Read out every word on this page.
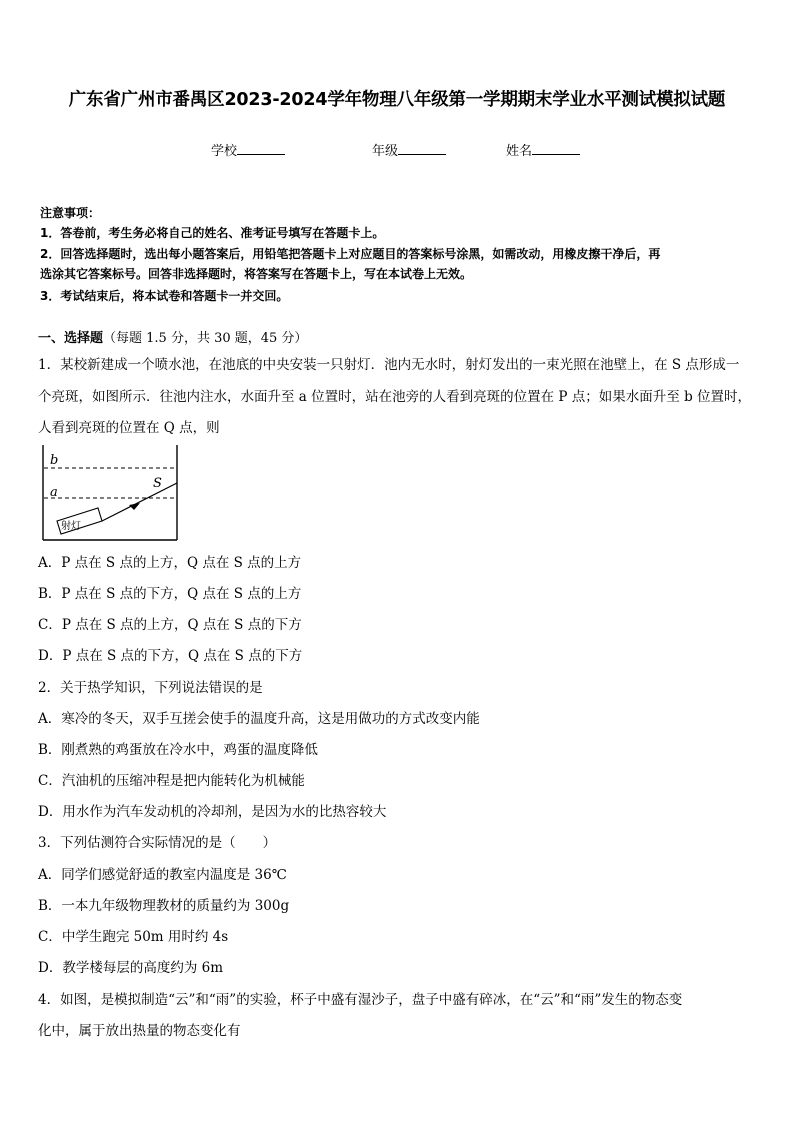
广东省广州市番禺区2023-2024学年物理八年级第一学期期末学业水平测试模拟试题
学校	年级	姓名
注意事项：
1．答卷前，考生务必将自己的姓名、准考证号填写在答题卡上。
2．回答选择题时，选出每小题答案后，用铅笔把答题卡上对应题目的答案标号涂黑，如需改动，用橡皮擦干净后，再
选涂其它答案标号。回答非选择题时，将答案写在答题卡上，写在本试卷上无效。
3．考试结束后，将本试卷和答题卡一并交回。
一、选择题（每题 1.5 分，共 30 题，45 分）
1．某校新建成一个喷水池，在池底的中央安装一只射灯．池内无水时，射灯发出的一束光照在池壁上，在 S 点形成一
个亮斑，如图所示．往池内注水，水面升至 a 位置时，站在池旁的人看到亮斑的位置在 P 点；如果水面升至 b 位置时，
人看到亮斑的位置在 Q 点，则
b
a
S
射灯
A．P 点在 S 点的上方，Q 点在 S 点的上方
B．P 点在 S 点的下方，Q 点在 S 点的上方
C．P 点在 S 点的上方，Q 点在 S 点的下方
D．P 点在 S 点的下方，Q 点在 S 点的下方
2．关于热学知识，下列说法错误的是
A．寒冷的冬天，双手互搓会使手的温度升高，这是用做功的方式改变内能
B．刚煮熟的鸡蛋放在冷水中，鸡蛋的温度降低
C．汽油机的压缩冲程是把内能转化为机械能
D．用水作为汽车发动机的冷却剂，是因为水的比热容较大
3．下列估测符合实际情况的是（　　）
A．同学们感觉舒适的教室内温度是 36℃
B．一本九年级物理教材的质量约为 300g
C．中学生跑完 50m 用时约 4s
D．教学楼每层的高度约为 6m
4．如图，是模拟制造“云”和“雨”的实验，杯子中盛有湿沙子，盘子中盛有碎冰，在“云”和“雨”发生的物态变
化中，属于放出热量的物态变化有
